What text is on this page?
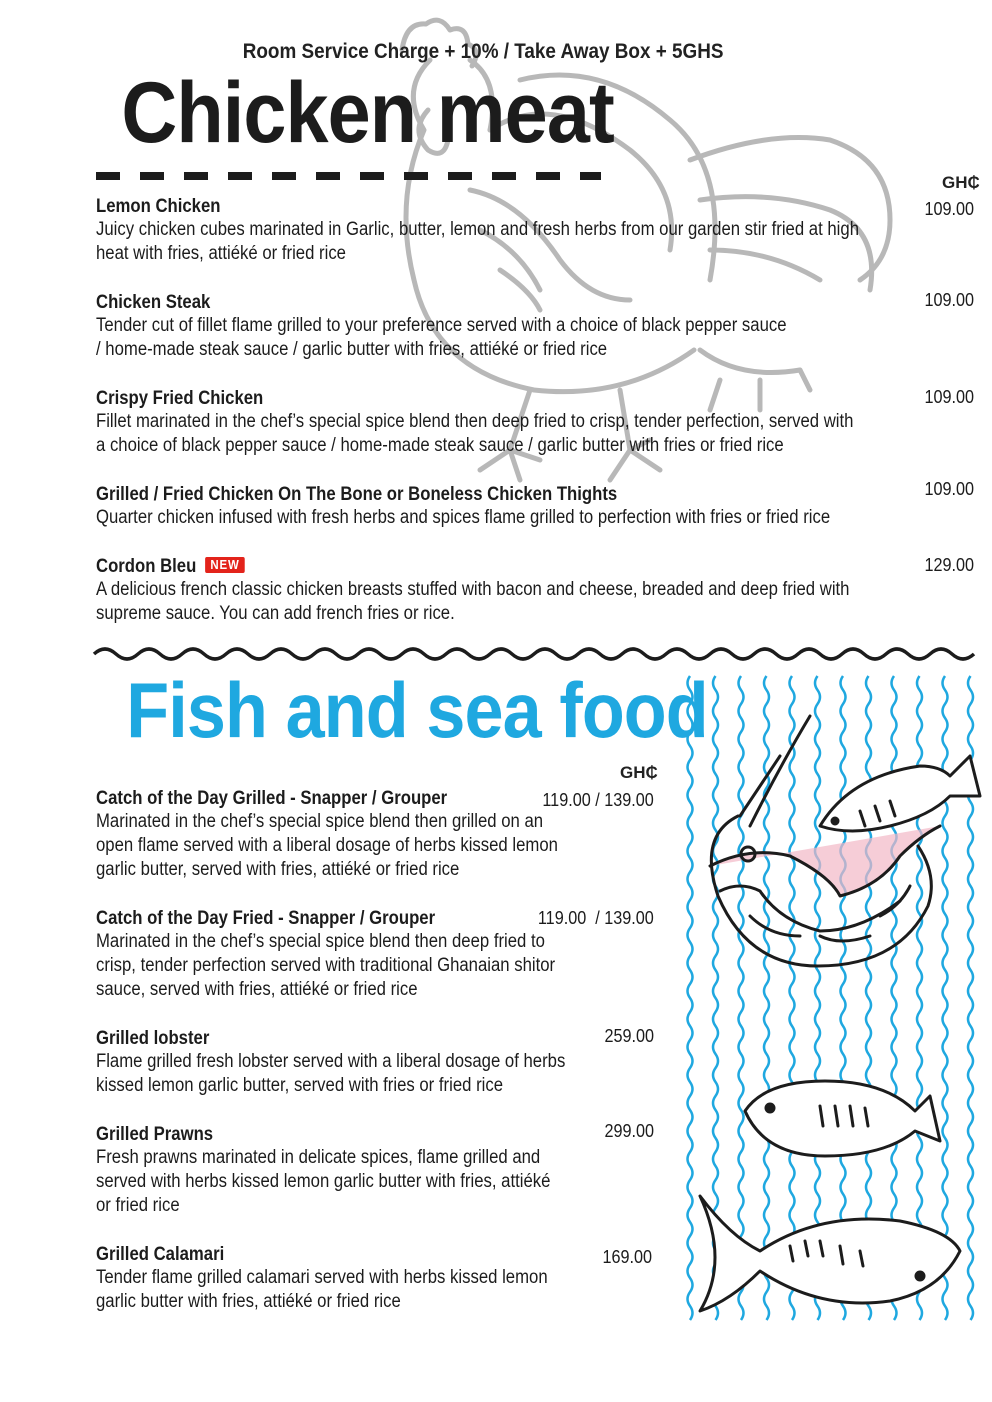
Room Service Charge + 10% / Take Away Box + 5GHS
Chicken meat
GH₵
Lemon Chicken	109.00
Juicy chicken cubes marinated in Garlic, butter, lemon and fresh herbs from our garden stir fried at high
heat with fries, attiéké or fried rice
Chicken Steak	109.00
Tender cut of fillet flame grilled to your preference served with a choice of black pepper sauce
/ home-made steak sauce / garlic butter with fries, attiéké or fried rice
Crispy Fried Chicken	109.00
Fillet marinated in the chef’s special spice blend then deep fried to crisp, tender perfection, served with
a choice of black pepper sauce / home-made steak sauce / garlic butter with fries or fried rice
Grilled / Fried Chicken On The Bone or Boneless Chicken Thights	109.00
Quarter chicken infused with fresh herbs and spices flame grilled to perfection with fries or fried rice
Cordon Bleu NEW	129.00
A delicious french classic chicken breasts stuffed with bacon and cheese, breaded and deep fried with
supreme sauce. You can add french fries or rice.
Fish and sea food
GH₵
Catch of the Day Grilled - Snapper / Grouper	119.00 / 139.00
Marinated in the chef’s special spice blend then grilled on an
open flame served with a liberal dosage of herbs kissed lemon
garlic butter, served with fries, attiéké or fried rice
Catch of the Day Fried - Snapper / Grouper	119.00  / 139.00
Marinated in the chef’s special spice blend then deep fried to
crisp, tender perfection served with traditional Ghanaian shitor
sauce, served with fries, attiéké or fried rice
Grilled lobster	259.00
Flame grilled fresh lobster served with a liberal dosage of herbs
kissed lemon garlic butter, served with fries or fried rice
Grilled Prawns	299.00
Fresh prawns marinated in delicate spices, flame grilled and
served with herbs kissed lemon garlic butter with fries, attiéké
or fried rice
Grilled Calamari	169.00
Tender flame grilled calamari served with herbs kissed lemon
garlic butter with fries, attiéké or fried rice
